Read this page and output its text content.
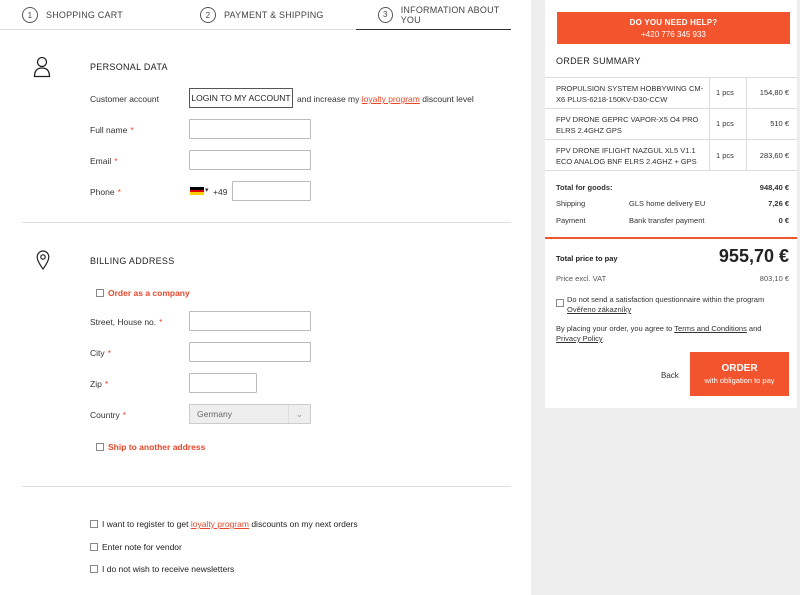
1	SHOPPING CART	2	PAYMENT & SHIPPING	3	INFORMATION ABOUT YOU
PERSONAL DATA
Customer account	LOGIN TO MY ACCOUNT and increase my loyalty program discount level
Full name *
Email *
Phone *	▾ +49
BILLING ADDRESS
Order as a company
Street, House no. *
City *
Zip *
Country *	Germany	⌄
Ship to another address
I want to register to get loyalty program discounts on my next orders
Enter note for vendor
I do not wish to receive newsletters
DO YOU NEED HELP?
+420 776 345 933
ORDER SUMMARY
PROPULSION SYSTEM HOBBYWING CM-X6 PLUS-6218-150KV-D30-CCW
1 pcs	154,80 €
FPV DRONE GEPRC VAPOR-X5 O4 PRO ELRS 2.4GHZ GPS
1 pcs	510 €
FPV DRONE IFLIGHT NAZGUL XL5 V1.1 ECO ANALOG BNF ELRS 2.4GHZ + GPS
1 pcs	283,60 €
Total for goods:	948,40 €
Shipping	GLS home delivery EU	7,26 €
Payment	Bank transfer payment	0 €
Total price to pay	955,70 €
Price excl. VAT	803,10 €
Do not send a satisfaction questionnaire within the program
Ověřeno zákazníky
By placing your order, you agree to Terms and Conditions and
Privacy Policy
Back
ORDER
with obligation to pay
